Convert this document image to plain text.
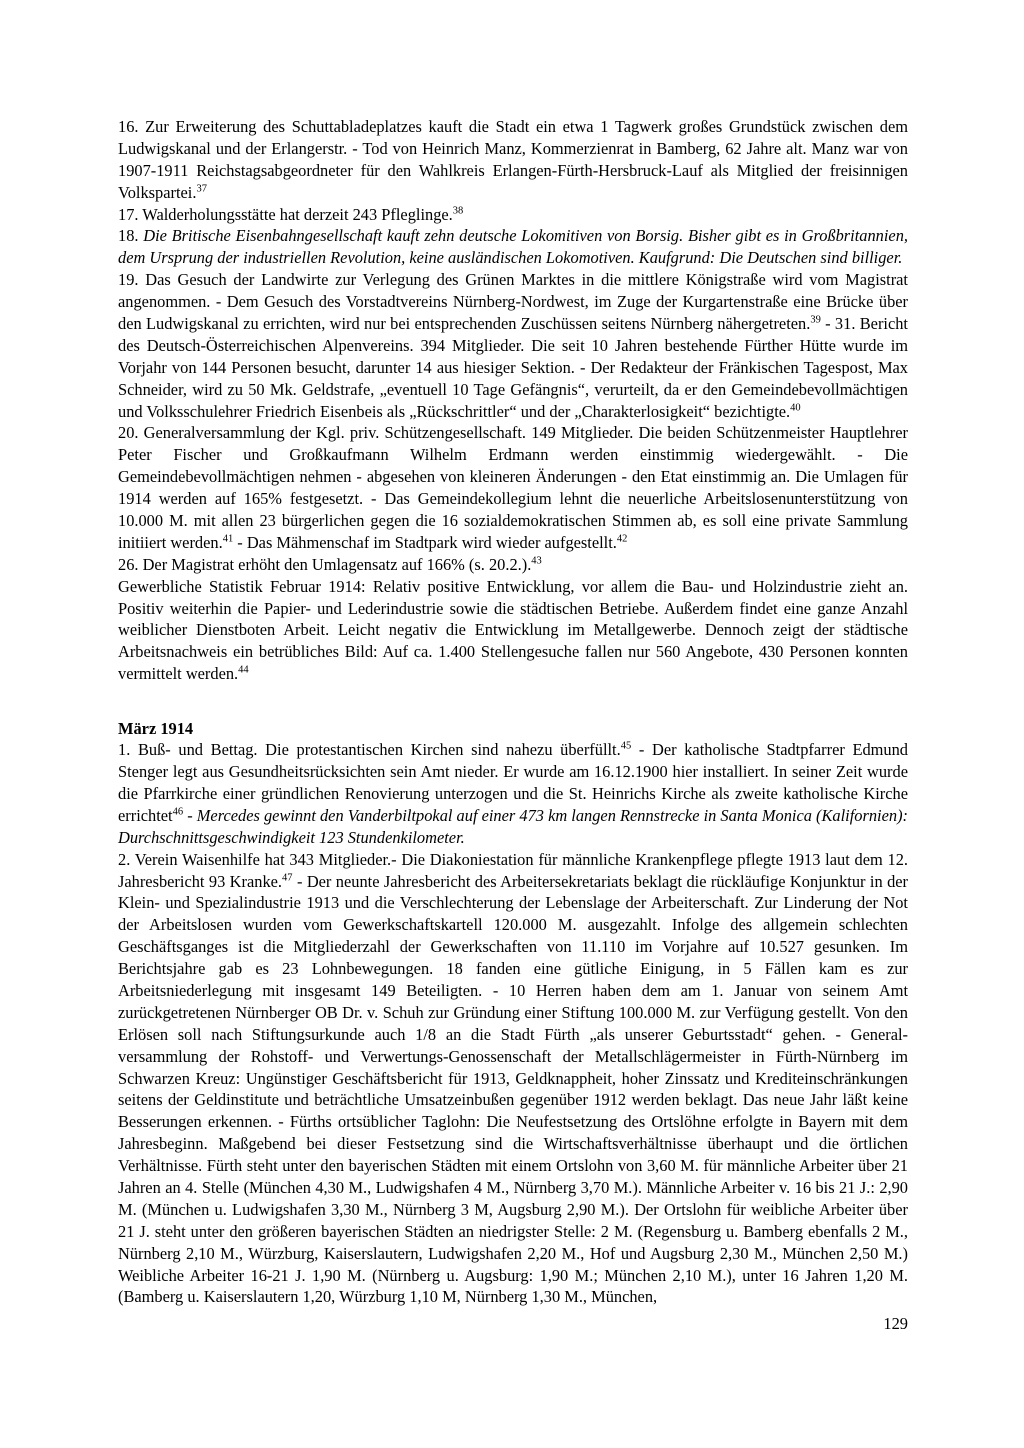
16. Zur Erweiterung des Schuttabladeplatzes kauft die Stadt ein etwa 1 Tagwerk großes Grundstück zwischen dem Ludwigskanal und der Erlangerstr. - Tod von Heinrich Manz, Kommerzienrat in Bamberg, 62 Jahre alt. Manz war von 1907-1911 Reichstagsabgeordneter für den Wahlkreis Erlangen-Fürth-Hersbruck-Lauf als Mitglied der freisinnigen Volkspartei.$^{37}$

17. Walderholungsstätte hat derzeit 243 Pfleglinge.$^{38}$

18. Die Britische Eisenbahngesellschaft kauft zehn deutsche Lokomitiven von Borsig. Bisher gibt es in Großbritannien, dem Ursprung der industriellen Revolution, keine ausländischen Lokomotiven. Kaufgrund: Die Deutschen sind billiger.

19. Das Gesuch der Landwirte zur Verlegung des Grünen Marktes in die mittlere Königstraße wird vom Magistrat angenommen. - Dem Gesuch des Vorstadtvereins Nürnberg-Nordwest, im Zuge der Kurgartenstraße eine Brücke über den Ludwigskanal zu errichten, wird nur bei entsprechenden Zuschüssen seitens Nürnberg nähergetreten.$^{39}$ - 31. Bericht des Deutsch-Österreichischen Alpenvereins. 394 Mitglieder. Die seit 10 Jahren bestehende Fürther Hütte wurde im Vorjahr von 144 Personen besucht, darunter 14 aus hiesiger Sektion. - Der Redakteur der Fränkischen Tagespost, Max Schneider, wird zu 50 Mk. Geldstrafe, „eventuell 10 Tage Gefängnis“, verurteilt, da er den Gemeindebevollmächtigen und Volksschulehrer Friedrich Eisenbeis als „Rückschrittler“ und der „Charakterlosigkeit“ bezichtigte.$^{40}$

20. Generalversammlung der Kgl. priv. Schützengesellschaft. 149 Mitglieder. Die beiden Schützenmeister Hauptlehrer Peter Fischer und Großkaufmann Wilhelm Erdmann werden einstimmig wiedergewählt. - Die Gemeindebevollmächtigen nehmen - abgesehen von kleineren Änderungen - den Etat einstimmig an. Die Umlagen für 1914 werden auf 165% festgesetzt. - Das Gemeindekollegium lehnt die neuerliche Arbeitslosenunterstützung von 10.000 M. mit allen 23 bürgerlichen gegen die 16 sozialdemokratischen Stimmen ab, es soll eine private Sammlung initiiert werden.$^{41}$ - Das Mähmenschaf im Stadtpark wird wieder aufgestellt.$^{42}$

26. Der Magistrat erhöht den Umlagensatz auf 166% (s. 20.2.).$^{43}$

Gewerbliche Statistik Februar 1914: Relativ positive Entwicklung, vor allem die Bau- und Holzindustrie zieht an. Positiv weiterhin die Papier- und Lederindustrie sowie die städtischen Betriebe. Außerdem findet eine ganze Anzahl weiblicher Dienstboten Arbeit. Leicht negativ die Entwicklung im Metallgewerbe. Dennoch zeigt der städtische Arbeitsnachweis ein betrübliches Bild: Auf ca. 1.400 Stellengesuche fallen nur 560 Angebote, 430 Personen konnten vermittelt werden.$^{44}$

März 1914

1. Buß- und Bettag. Die protestantischen Kirchen sind nahezu überfüllt.$^{45}$ - Der katholische Stadtpfarrer Edmund Stenger legt aus Gesundheitsrücksichten sein Amt nieder. Er wurde am 16.12.1900 hier installiert. In seiner Zeit wurde die Pfarrkirche einer gründlichen Renovierung unterzogen und die St. Heinrichs Kirche als zweite katholische Kirche errichtet$^{46}$ - Mercedes gewinnt den Vanderbiltpokal auf einer 473 km langen Rennstrecke in Santa Monica (Kalifornien): Durchschnittsgeschwindigkeit 123 Stundenkilometer.

2. Verein Waisenhilfe hat 343 Mitglieder.- Die Diakoniestation für männliche Krankenpflege pflegte 1913 laut dem 12. Jahresbericht 93 Kranke.$^{47}$ - Der neunte Jahresbericht des Arbeitersekretariats beklagt die rückläufige Konjunktur in der Klein- und Spezialindustrie 1913 und die Verschlechterung der Lebenslage der Arbeiterschaft. Zur Linderung der Not der Arbeitslosen wurden vom Gewerkschaftskartell 120.000 M. ausgezahlt. Infolge des allgemein schlechten Geschäftsganges ist die Mitgliederzahl der Gewerkschaften von 11.110 im Vorjahre auf 10.527 gesunken. Im Berichtsjahre gab es 23 Lohnbewegungen. 18 fanden eine gütliche Einigung, in 5 Fällen kam es zur Arbeitsniederlegung mit insgesamt 149 Beteiligten. - 10 Herren haben dem am 1. Januar von seinem Amt zurückgetretenen Nürnberger OB Dr. v. Schuh zur Gründung einer Stiftung 100.000 M. zur Verfügung gestellt. Von den Erlösen soll nach Stiftungsurkunde auch 1/8 an die Stadt Fürth „als unserer Geburtsstadt“ gehen. - General-versammlung der Rohstoff- und Verwertungs-Genossenschaft der Metallschlägermeister in Fürth-Nürnberg im Schwarzen Kreuz: Ungünstiger Geschäftsbericht für 1913, Geldknappheit, hoher Zinssatz und Krediteinschränkungen seitens der Geldinstitute und beträchtliche Umsatzeinbußen gegenüber 1912 werden beklagt. Das neue Jahr läßt keine Besserungen erkennen. - Fürths ortsüblicher Taglohn: Die Neufestsetzung des Ortslöhne erfolgte in Bayern mit dem Jahresbeginn. Maßgebend bei dieser Festsetzung sind die Wirtschaftsverhältnisse überhaupt und die örtlichen Verhältnisse. Fürth steht unter den bayerischen Städten mit einem Ortslohn von 3,60 M. für männliche Arbeiter über 21 Jahren an 4. Stelle (München 4,30 M., Ludwigshafen 4 M., Nürnberg 3,70 M.). Männliche Arbeiter v. 16 bis 21 J.: 2,90 M. (München u. Ludwigshafen 3,30 M., Nürnberg 3 M, Augsburg 2,90 M.). Der Ortslohn für weibliche Arbeiter über 21 J. steht unter den größeren bayerischen Städten an niedrigster Stelle: 2 M. (Regensburg u. Bamberg ebenfalls 2 M., Nürnberg 2,10 M., Würzburg, Kaiserslautern, Ludwigshafen 2,20 M., Hof und Augsburg 2,30 M., München 2,50 M.) Weibliche Arbeiter 16-21 J. 1,90 M. (Nürnberg u. Augsburg: 1,90 M.; München 2,10 M.), unter 16 Jahren 1,20 M. (Bamberg u. Kaiserslautern 1,20, Würzburg 1,10 M, Nürnberg 1,30 M., München,

129
